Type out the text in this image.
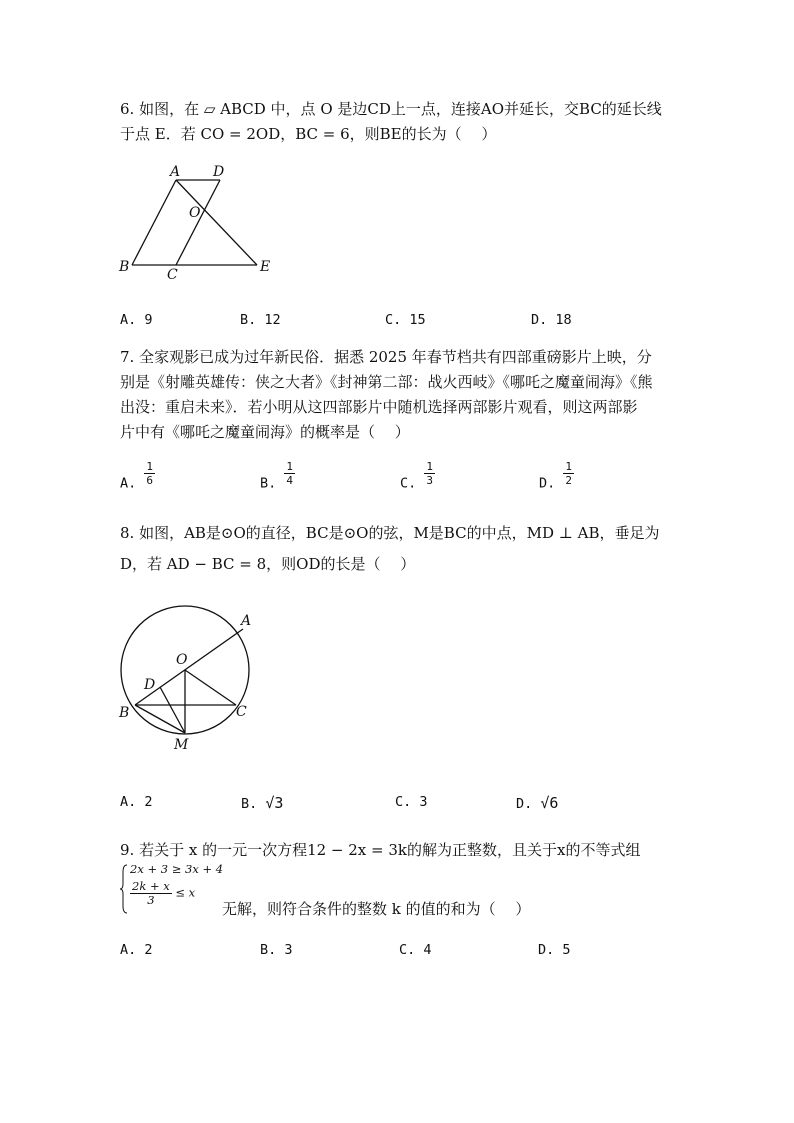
6. 如图，在 ▱ ABCD 中，点 O 是边CD上一点，连接AO并延长，交BC的延长线
于点 E．若 CO = 2OD，BC = 6，则BE的长为（　 ）
A D
O
B	C	E
A. 9	B. 12	C. 15	D. 18
7. 全家观影已成为过年新民俗．据悉 2025 年春节档共有四部重磅影片上映，分
别是《射雕英雄传：侠之大者》《封神第二部：战火西岐》《哪吒之魔童闹海》《熊
出没：重启未来》．若小明从这四部影片中随机选择两部影片观看，则这两部影
片中有《哪吒之魔童闹海》的概率是（　 ）
A. $\frac{1}{6}$	B. $\frac{1}{4}$	C. $\frac{1}{3}$	D. $\frac{1}{2}$
8. 如图，AB是⊙O的直径，BC是⊙O的弦，M是BC的中点，MD ⊥ AB，垂足为
D，若 AD − BC = 8，则OD的长是（　 ）
A
O
D
B	C
M
A. 2	B. √3	C. 3	D. √6
9. 若关于 x 的一元一次方程12 − 2x = 3k的解为正整数，且关于x的不等式组
2x + 3 ≥ 3x + 4
$\frac{2k + x}{3} \le x$
无解，则符合条件的整数 k 的值的和为（　 ）
A. 2	B. 3	C. 4	D. 5
